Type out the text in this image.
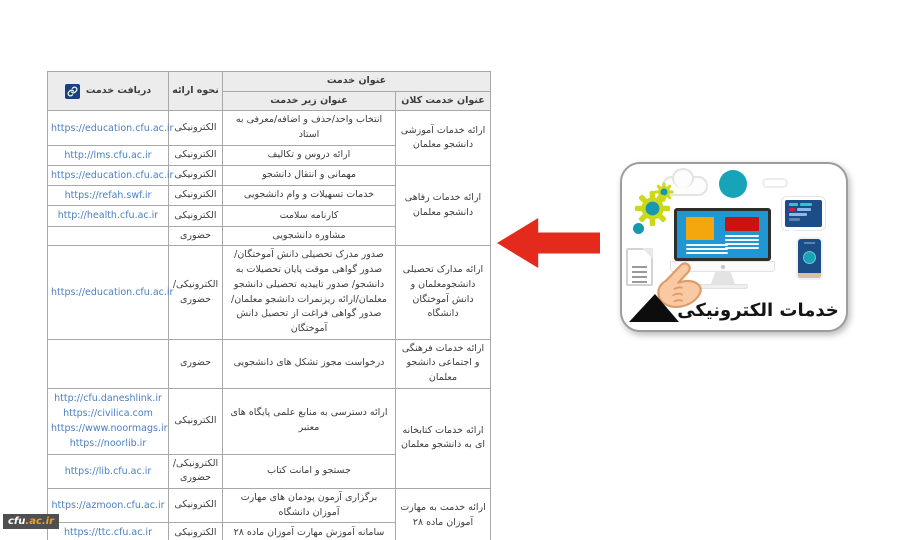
عنوان خدمت		نحوه ارائه	دریافت خدمت

عنوان خدمت کلان	عنوان زیر خدمت		
ارائه خدمات آموزشی دانشجو معلمان	انتخاب واحد/حذف و اضافه/معرفی به استاد	الکترونیکی	https://education.cfu.ac.ir

	ارائه دروس و تکالیف	الکترونیکی	http://lms.cfu.ac.ir

ارائه خدمات رفاهی دانشجو معلمان	مهمانی و انتقال دانشجو	الکترونیکی	https://education.cfu.ac.ir

	خدمات تسهیلات و وام دانشجویی	الکترونیکی	https://refah.swf.ir

	کارنامه سلامت	الکترونیکی	http://health.cfu.ac.ir

	مشاوره دانشجویی	حضوری	
ارائه مدارک تحصیلی دانشجومعلمان و دانش آموختگان دانشگاه	صدور مدرک تحصیلی دانش آموختگان/ صدور گواهی موقت پایان تحصیلات به دانشجو/ صدور تاییدیه تحصیلی دانشجو معلمان/ارائه ریزنمرات دانشجو معلمان/صدور گواهی فراغت از تحصیل دانش آموختگان	الکترونیکی/ حضوری	https://education.cfu.ac.ir

ارائه خدمات فرهنگی و اجتماعی دانشجو معلمان	درخواست مجوز تشکل های دانشجویی	حضوری	
ارائه خدمات کتابخانه ای به دانشجو معلمان	ارائه دسترسی به منابع علمی پایگاه های معتبر	الکترونیکی	http://cfu.daneshlink.ir
https://civilica.com
https://www.noormags.ir
https://noorlib.ir

	جستجو و امانت کتاب	الکترونیکی/ حضوری	https://lib.cfu.ac.ir

ارائه خدمت به مهارت آموزان ماده ۲۸	برگزاری آزمون پودمان های مهارت آموزان دانشگاه	الکترونیکی	https://azmoon.cfu.ac.ir

	سامانه آموزش مهارت آموزان ماده ۲۸	الکترونیکی	https://ttc.cfu.ac.ir
خدمات الکترونیکی
cfu .ac.ir
